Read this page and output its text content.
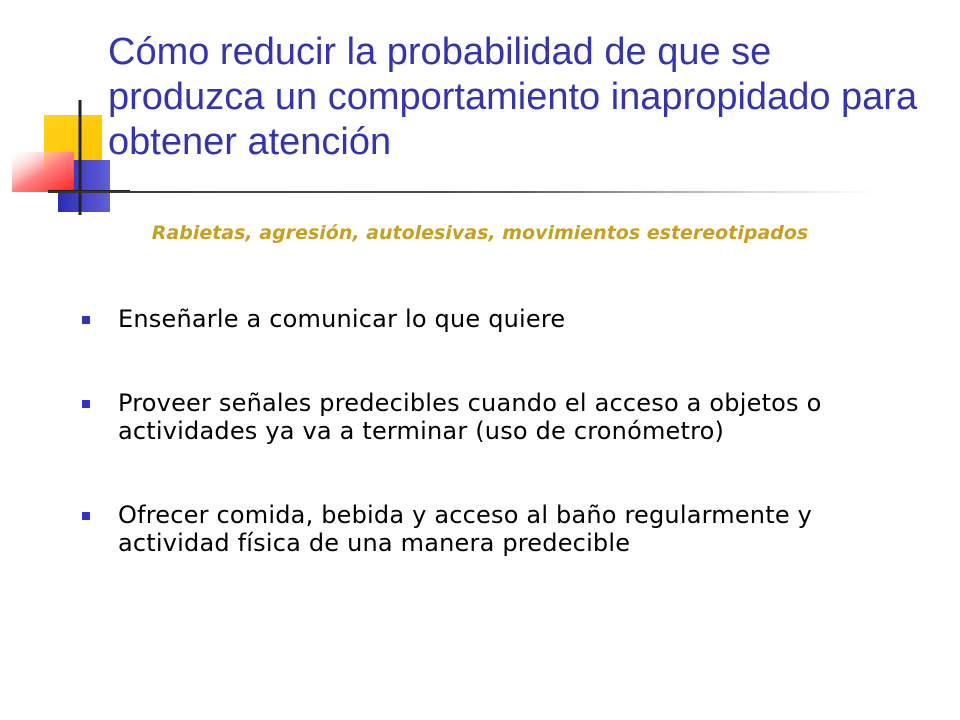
Cómo reducir la probabilidad de que se produzca un comportamiento inapropidado para obtener atención

Rabietas, agresión, autolesivas, movimientos estereotipados

Enseñarle a comunicar lo que quiere
Proveer señales predecibles cuando el acceso a objetos o actividades ya va a terminar (uso de cronómetro)
Ofrecer comida, bebida y acceso al baño regularmente y actividad física de una manera predecible
